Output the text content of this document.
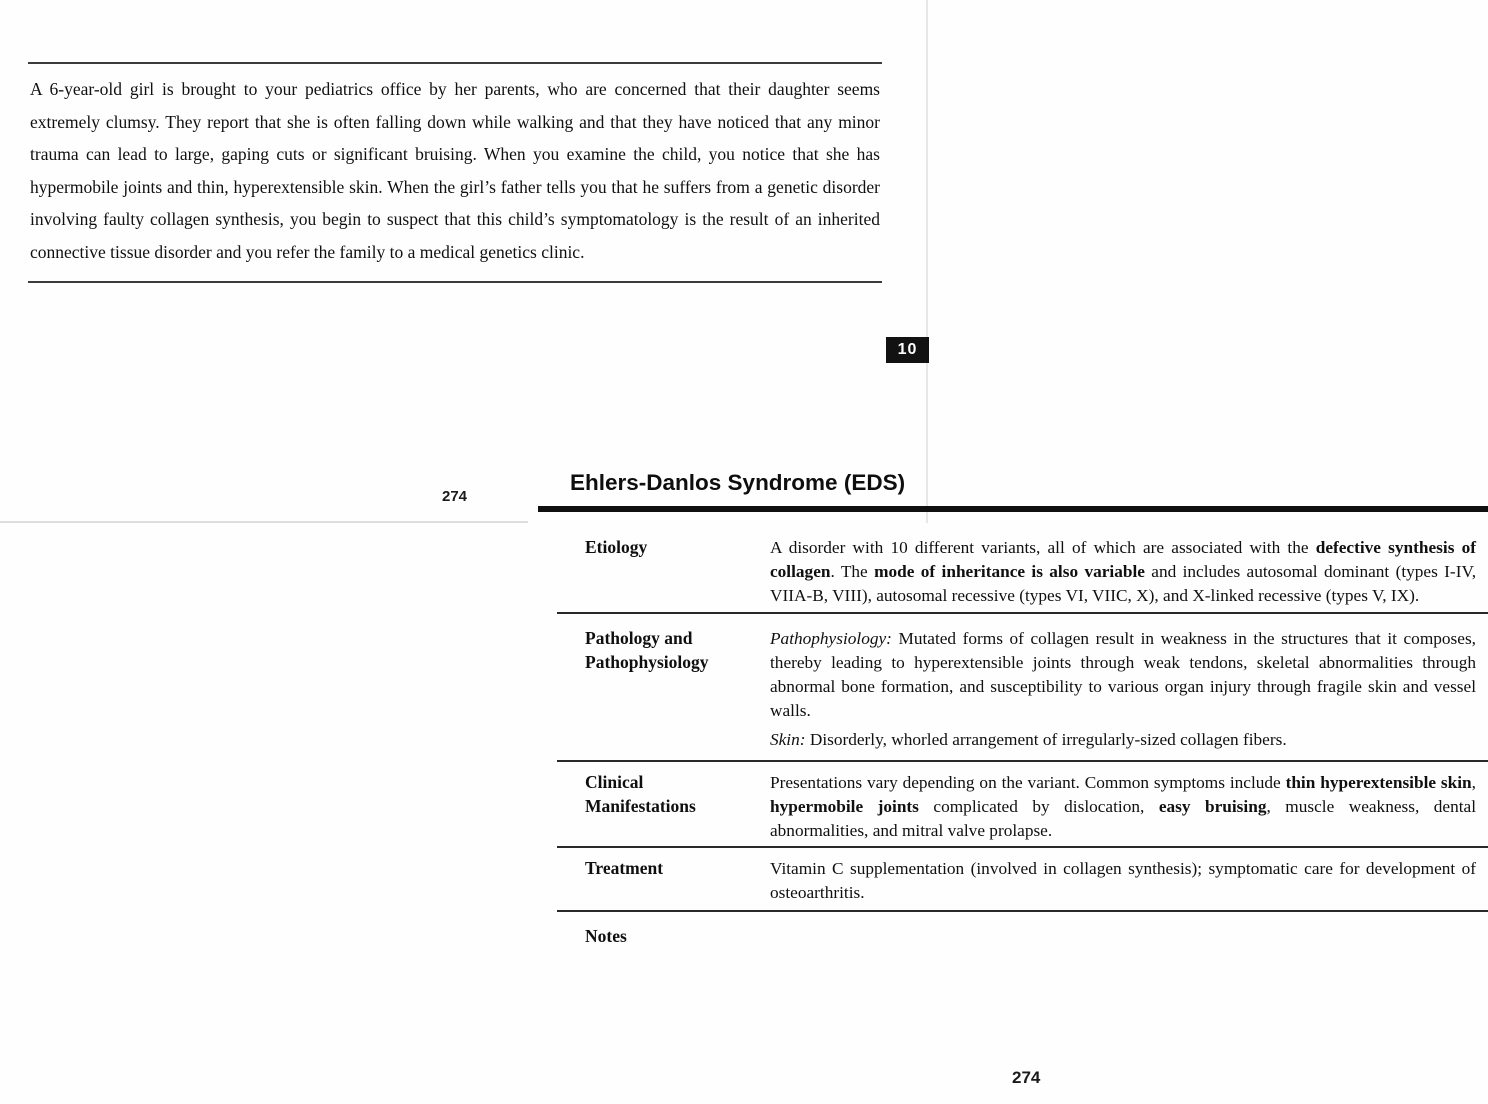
A 6-year-old girl is brought to your pediatrics office by her parents, who are concerned that their daughter seems extremely clumsy. They report that she is often falling down while walking and that they have noticed that any minor trauma can lead to large, gaping cuts or significant bruising. When you examine the child, you notice that she has hypermobile joints and thin, hyperextensible skin. When the girl’s father tells you that he suffers from a genetic disorder involving faulty collagen synthesis, you begin to suspect that this child’s symptomatology is the result of an inherited connective tissue disorder and you refer the family to a medical genetics clinic.
10
274
Ehlers-Danlos Syndrome (EDS)
Etiology	A disorder with 10 different variants, all of which are associated with the defective synthesis of collagen. The mode of inheritance is also variable and includes autosomal dominant (types I-IV, VIIA-B, VIII), autosomal recessive (types VI, VIIC, X), and X-linked recessive (types V, IX).

Pathology and
Pathophysiology

Pathophysiology: Mutated forms of collagen result in weakness in the structures that it composes, thereby leading to hyperextensible joints through weak tendons, skeletal abnormalities through abnormal bone formation, and susceptibility to various organ injury through fragile skin and vessel walls.

Skin: Disorderly, whorled arrangement of irregularly-sized collagen fibers.

Clinical
Manifestations

Presentations vary depending on the variant. Common symptoms include thin hyperextensible skin, hypermobile joints complicated by dislocation, easy bruising, muscle weakness, dental abnormalities, and mitral valve prolapse.

Treatment	Vitamin C supplementation (involved in collagen synthesis); symptomatic care for development of osteoarthritis.

Notes
274
